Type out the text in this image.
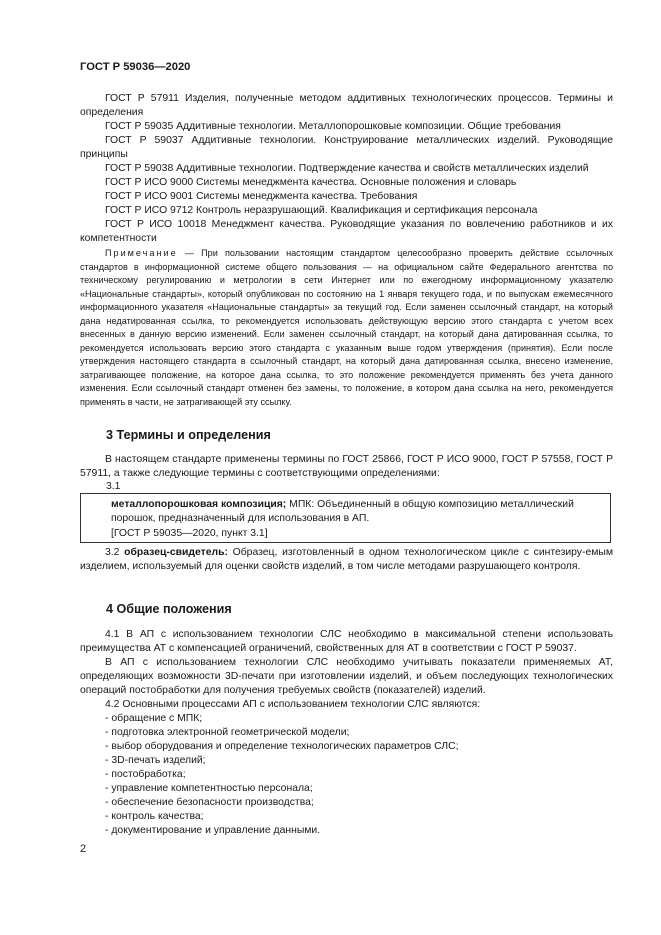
ГОСТ Р 59036—2020

ГОСТ Р 57911 Изделия, полученные методом аддитивных технологических процессов. Термины и определения

ГОСТ Р 59035 Аддитивные технологии. Металлопорошковые композиции. Общие требования

ГОСТ Р 59037 Аддитивные технологии. Конструирование металлических изделий. Руководящие принципы

ГОСТ Р 59038 Аддитивные технологии. Подтверждение качества и свойств металлических изделий

ГОСТ Р ИСО 9000 Системы менеджмента качества. Основные положения и словарь

ГОСТ Р ИСО 9001 Системы менеджмента качества. Требования

ГОСТ Р ИСО 9712 Контроль неразрушающий. Квалификация и сертификация персонала

ГОСТ Р ИСО 10018 Менеджмент качества. Руководящие указания по вовлечению работников и их компетентности

Примечание — При пользовании настоящим стандартом целесообразно проверить действие ссылочных стандартов в информационной системе общего пользования — на официальном сайте Федерального агентства по техническому регулированию и метрологии в сети Интернет или по ежегодному информационному указателю «Национальные стандарты», который опубликован по состоянию на 1 января текущего года, и по выпускам ежемесячного информационного указателя «Национальные стандарты» за текущий год. Если заменен ссылочный стандарт, на который дана недатированная ссылка, то рекомендуется использовать действующую версию этого стандарта с учетом всех внесенных в данную версию изменений. Если заменен ссылочный стандарт, на который дана датированная ссылка, то рекомендуется использовать версию этого стандарта с указанным выше годом утверждения (принятия). Если после утверждения настоящего стандарта в ссылочный стандарт, на который дана датированная ссылка, внесено изменение, затрагивающее положение, на которое дана ссылка, то это положение рекомендуется применять без учета данного изменения. Если ссылочный стандарт отменен без замены, то положение, в котором дана ссылка на него, рекомендуется применять в части, не затрагивающей эту ссылку.

3 Термины и определения

В настоящем стандарте применены термины по ГОСТ 25866, ГОСТ Р ИСО 9000, ГОСТ Р 57558, ГОСТ Р 57911, а также следующие термины с соответствующими определениями:

3.1
металлопорошковая композиция; МПК: Объединенный в общую композицию металлический порошок, предназначенный для использования в АП.
[ГОСТ Р 59035—2020, пункт 3.1]

3.2 образец-свидетель: Образец, изготовленный в одном технологическом цикле с синтезиру-емым изделием, используемый для оценки свойств изделий, в том числе методами разрушающего контроля.

4 Общие положения

4.1 В АП с использованием технологии СЛС необходимо в максимальной степени использовать преимущества АТ с компенсацией ограничений, свойственных для АТ в соответствии с ГОСТ Р 59037.

В АП с использованием технологии СЛС необходимо учитывать показатели применяемых АТ, определяющих возможности 3D-печати при изготовлении изделий, и объем последующих технологических операций постобработки для получения требуемых свойств (показателей) изделий.

4.2 Основными процессами АП с использованием технологии СЛС являются:

- обращение с МПК;
- подготовка электронной геометрической модели;
- выбор оборудования и определение технологических параметров СЛС;
- 3D-печать изделий;
- постобработка;
- управление компетентностью персонала;
- обеспечение безопасности производства;
- контроль качества;
- документирование и управление данными.
2
